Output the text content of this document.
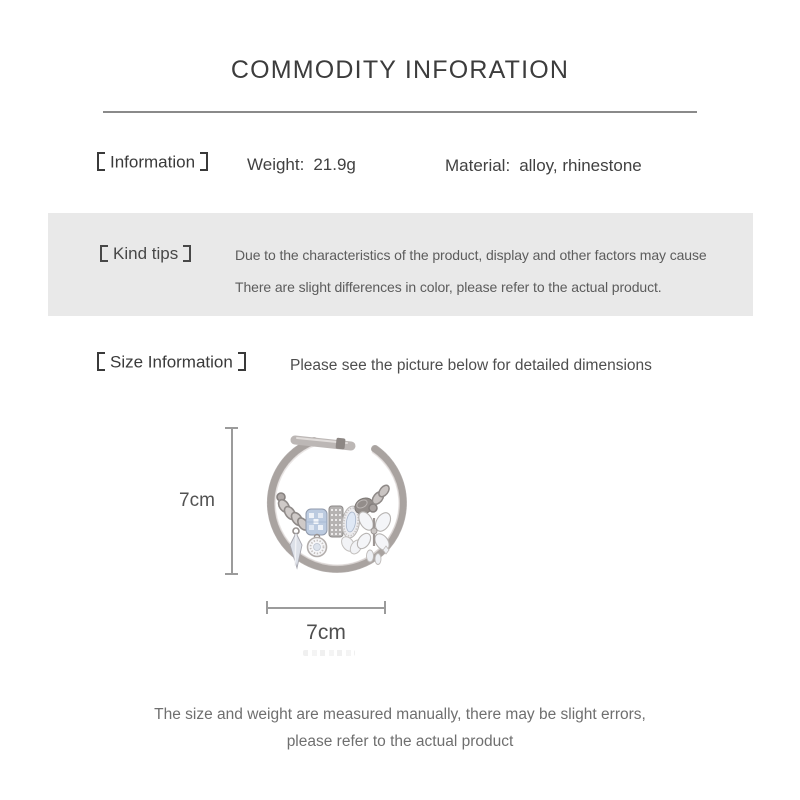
COMMODITY INFORATION
Information	Weight: 21.9g	Material: alloy, rhinestone
Kind tips	Due to the characteristics of the product, display and other factors may cause
There are slight differences in color, please refer to the actual product.
Size Information	Please see the picture below for detailed dimensions
7cm
7cm
The size and weight are measured manually, there may be slight errors,
please refer to the actual product
